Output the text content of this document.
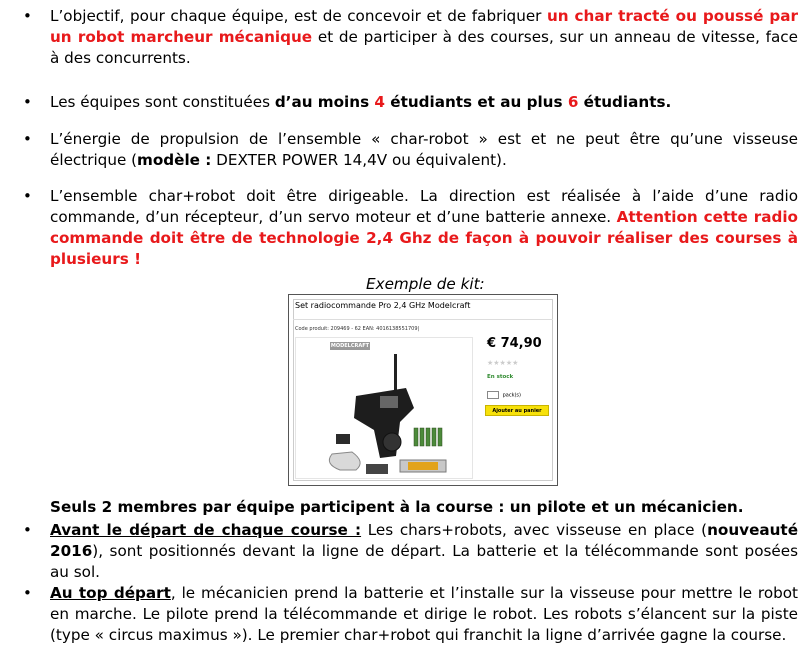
• L’objectif, pour chaque équipe, est de concevoir et de fabriquer un char tracté ou poussé par un robot marcheur mécanique et de participer à des courses, sur un anneau de vitesse, face à des concurrents.
• Les équipes sont constituées d’au moins 4 étudiants et au plus 6 étudiants.
• L’énergie de propulsion de l’ensemble « char-robot » est et ne peut être qu’une visseuse électrique (modèle : DEXTER POWER 14,4V ou équivalent).
• L’ensemble char+robot doit être dirigeable. La direction est réalisée à l’aide d’une radio commande, d’un récepteur, d’un servo moteur et d’une batterie annexe. Attention cette radio commande doit être de technologie 2,4 Ghz de façon à pouvoir réaliser des courses à plusieurs !
Exemple de kit:
Set radiocommande Pro 2,4 GHz Modelcraft
Code produit: 209469 - 62 EAN: 4016138551709|
MODELCRAFT	€ 74,90
★★★★★
En stock
pack(s)
Ajouter au panier
Seuls 2 membres par équipe participent à la course : un pilote et un mécanicien.
• Avant le départ de chaque course : Les chars+robots, avec visseuse en place (nouveauté 2016), sont positionnés devant la ligne de départ. La batterie et la télécommande sont posées au sol.
• Au top départ, le mécanicien prend la batterie et l’installe sur la visseuse pour mettre le robot en marche. Le pilote prend la télécommande et dirige le robot. Les robots s’élancent sur la piste (type « circus maximus »). Le premier char+robot qui franchit la ligne d’arrivée gagne la course.
